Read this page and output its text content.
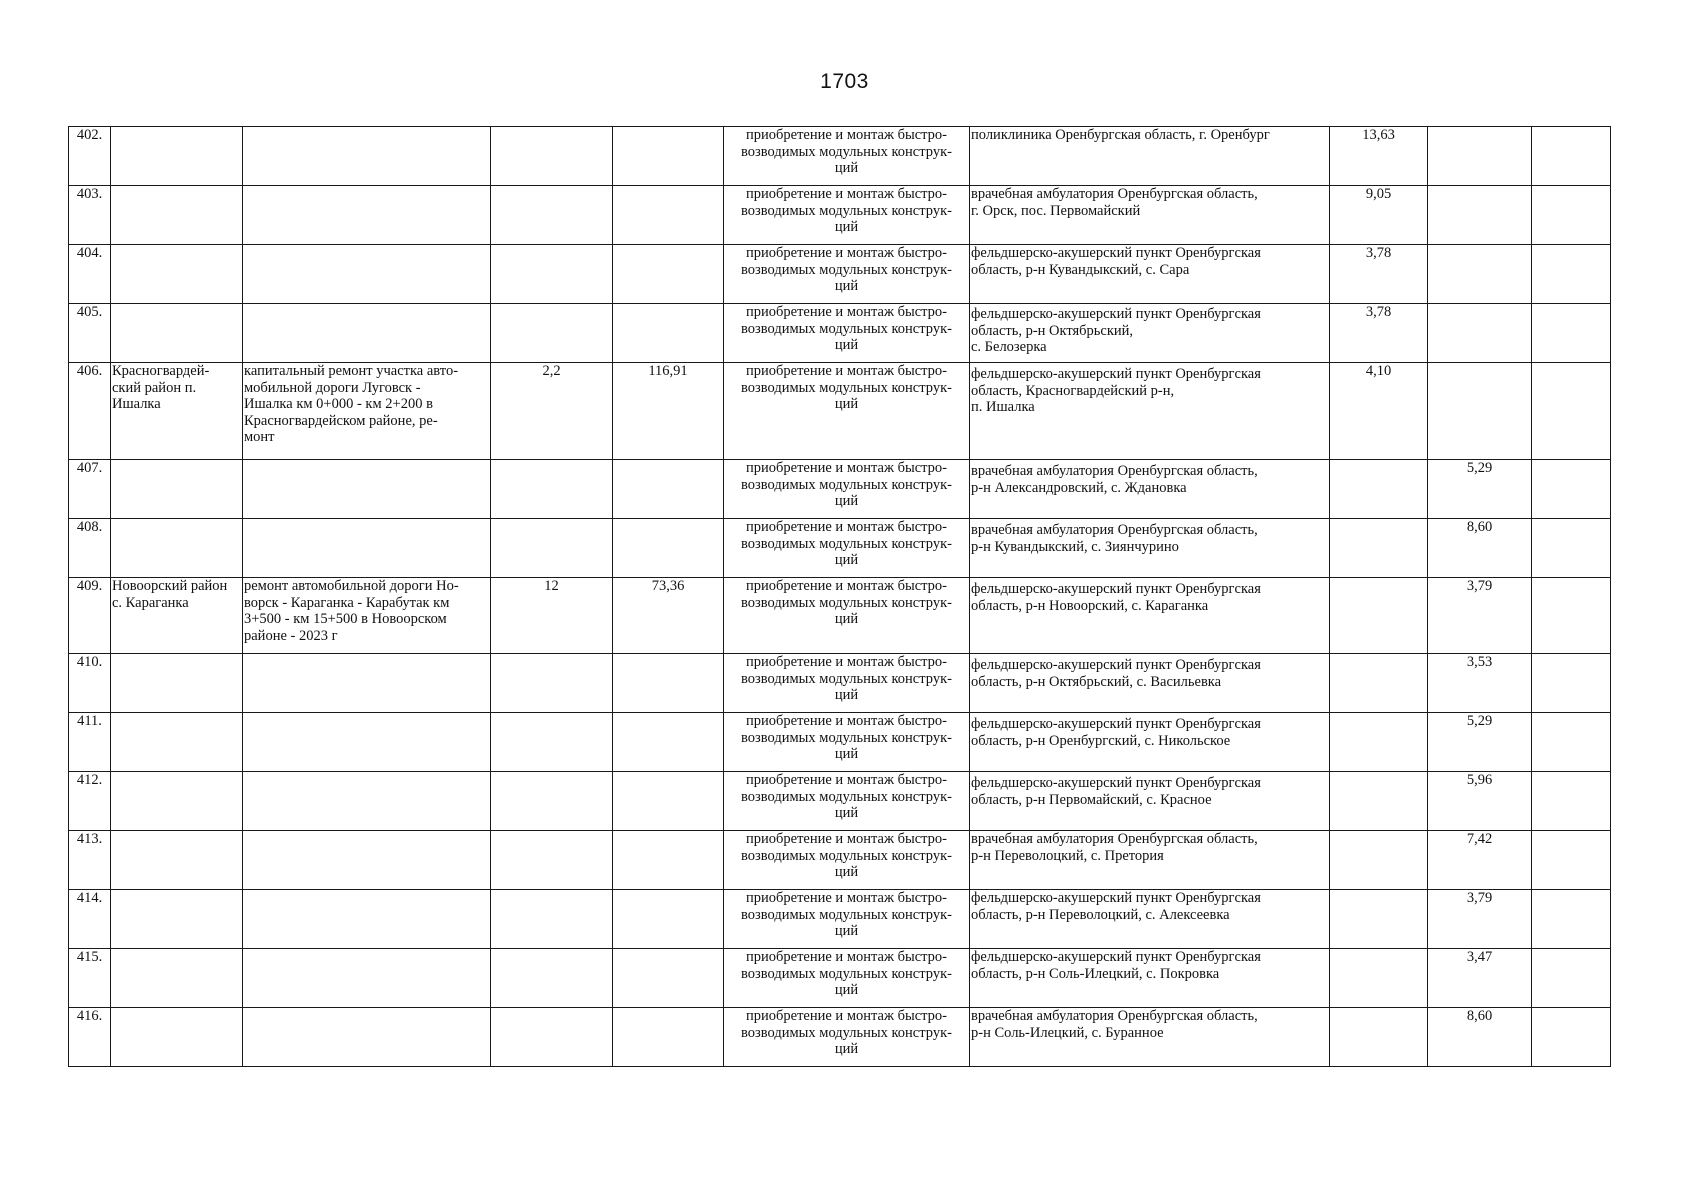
1703
402.					приобретение и монтаж быстро-
возводимых модульных конструк-
ций	поликлиника Оренбургская область, г. Оренбург	13,63		
403.					приобретение и монтаж быстро-
возводимых модульных конструк-
ций	врачебная амбулатория Оренбургская область,
г. Орск, пос. Первомайский	9,05		
404.					приобретение и монтаж быстро-
возводимых модульных конструк-
ций	фельдшерско-акушерский пункт Оренбургская
область, р-н Кувандыкский, с. Сара	3,78		
405.					приобретение и монтаж быстро-
возводимых модульных конструк-
ций	фельдшерско-акушерский пункт Оренбургская
область, р-н Октябрьский,
с. Белозерка	3,78		
406.	Красногвардей-
ский район п.
Ишалка	капитальный ремонт участка авто-
мобильной дороги Луговск -
Ишалка км 0+000 - км 2+200 в
Красногвардейском районе, ре-
монт	2,2	116,91	приобретение и монтаж быстро-
возводимых модульных конструк-
ций	фельдшерско-акушерский пункт Оренбургская
область, Красногвардейский р-н,
п. Ишалка	4,10		
407.					приобретение и монтаж быстро-
возводимых модульных конструк-
ций	врачебная амбулатория Оренбургская область,
р-н Александровский, с. Ждановка		5,29	
408.					приобретение и монтаж быстро-
возводимых модульных конструк-
ций	врачебная амбулатория Оренбургская область,
р-н Кувандыкский, с. Зиянчурино		8,60	
409.	Новоорский район
с. Караганка	ремонт автомобильной дороги Но-
ворск - Караганка - Карабутак км
3+500 - км 15+500 в Новоорском
районе - 2023 г	12	73,36	приобретение и монтаж быстро-
возводимых модульных конструк-
ций	фельдшерско-акушерский пункт Оренбургская
область, р-н Новоорский, с. Караганка		3,79	
410.					приобретение и монтаж быстро-
возводимых модульных конструк-
ций	фельдшерско-акушерский пункт Оренбургская
область, р-н Октябрьский, с. Васильевка		3,53	
411.					приобретение и монтаж быстро-
возводимых модульных конструк-
ций	фельдшерско-акушерский пункт Оренбургская
область, р-н Оренбургский, с. Никольское		5,29	
412.					приобретение и монтаж быстро-
возводимых модульных конструк-
ций	фельдшерско-акушерский пункт Оренбургская
область, р-н Первомайский, с. Красное		5,96	
413.					приобретение и монтаж быстро-
возводимых модульных конструк-
ций	врачебная амбулатория Оренбургская область,
р-н Переволоцкий, с. Претория		7,42	
414.					приобретение и монтаж быстро-
возводимых модульных конструк-
ций	фельдшерско-акушерский пункт Оренбургская
область, р-н Переволоцкий, с. Алексеевка		3,79	
415.					приобретение и монтаж быстро-
возводимых модульных конструк-
ций	фельдшерско-акушерский пункт Оренбургская
область, р-н Соль-Илецкий, с. Покровка		3,47	
416.					приобретение и монтаж быстро-
возводимых модульных конструк-
ций	врачебная амбулатория Оренбургская область,
р-н Соль-Илецкий, с. Буранное		8,60	
